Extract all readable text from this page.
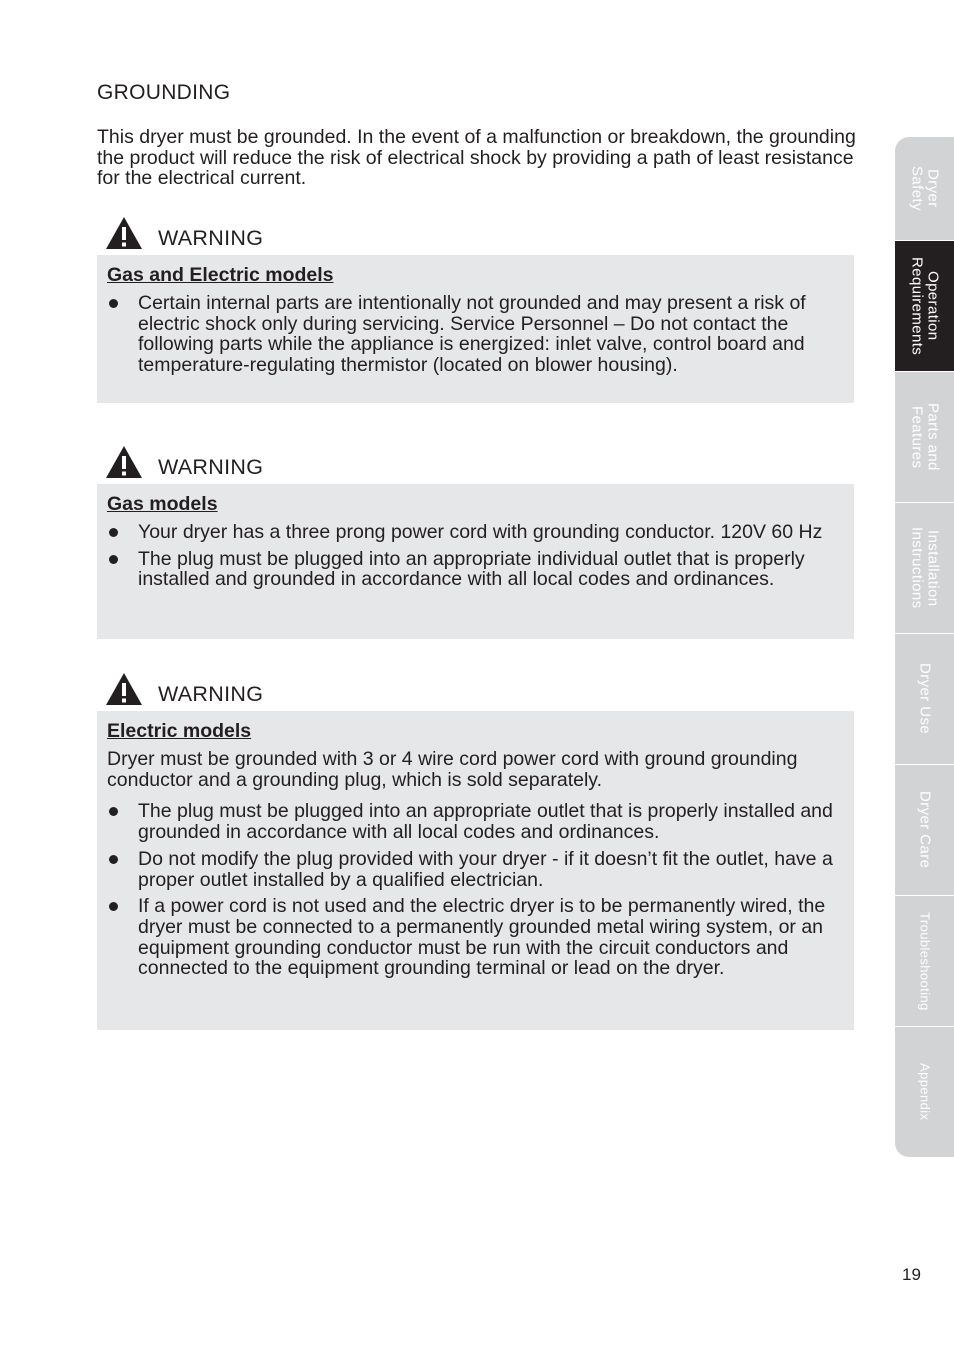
GROUNDING

This dryer must be grounded. In the event of a malfunction or breakdown, the grounding the product will reduce the risk of electrical shock by providing a path of least resistance for the electrical current.

WARNING
Gas and Electric models
Certain internal parts are intentionally not grounded and may present a risk of electric shock only during servicing. Service Personnel – Do not contact the following parts while the appliance is energized: inlet valve, control board and temperature-regulating thermistor (located on blower housing).
WARNING
Gas models
Your dryer has a three prong power cord with grounding conductor. 120V 60 Hz
The plug must be plugged into an appropriate individual outlet that is properly installed and grounded in accordance with all local codes and ordinances.
WARNING
Electric models

Dryer must be grounded with 3 or 4 wire cord power cord with ground grounding conductor and a grounding plug, which is sold separately.

The plug must be plugged into an appropriate outlet that is properly installed and grounded in accordance with all local codes and ordinances.
Do not modify the plug provided with your dryer - if it doesn’t fit the outlet, have a proper outlet installed by a qualified electrician.
If a power cord is not used and the electric dryer is to be permanently wired, the dryer must be connected to a permanently grounded metal wiring system, or an equipment grounding conductor must be run with the circuit conductors and connected to the equipment grounding terminal or lead on the dryer.
Dryer
Safety
Operation
Requirements
Parts and
Features
Installation
Instructions
Dryer Use
Dryer Care
Troubleshooting
Appendix
19
